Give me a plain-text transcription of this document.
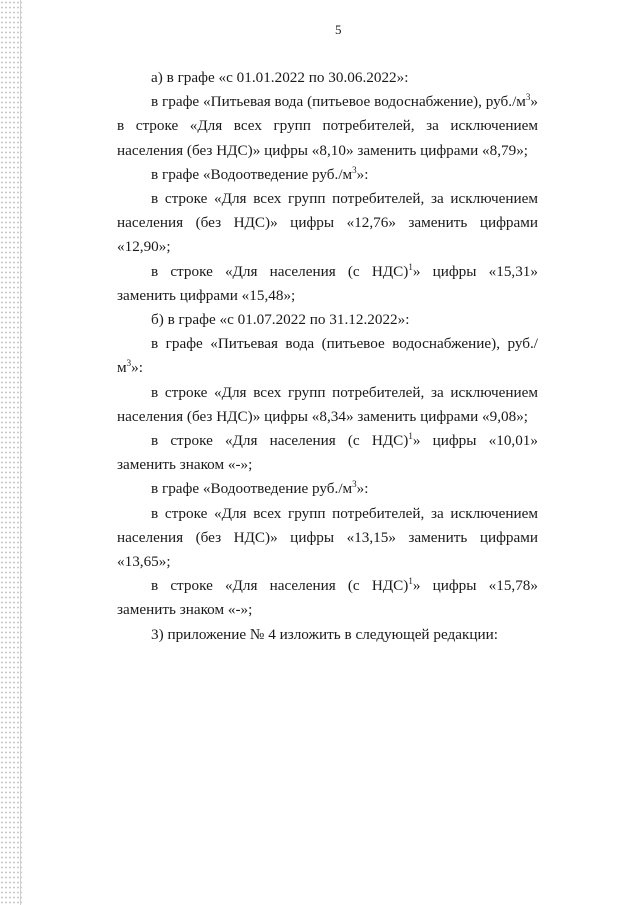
5

а) в графе «с 01.01.2022 по 30.06.2022»:

в графе «Питьевая вода (питьевое водоснабжение), $руб./м^3$» в строке «Для всех групп потребителей, за исключением населения (без НДС)» цифры «8,10» заменить цифрами «8,79»;

в графе «Водоотведение $руб./м^3$»:

в строке «Для всех групп потребителей, за исключением населения (без НДС)» цифры «12,76» заменить цифрами «12,90»;

в строке «Для населения (с НДС)$^1$» цифры «15,31» заменить цифрами «15,48»;

б) в графе «с 01.07.2022 по 31.12.2022»:

в графе «Питьевая вода (питьевое водоснабжение), $руб./м^3$»:

в строке «Для всех групп потребителей, за исключением населения (без НДС)» цифры «8,34» заменить цифрами «9,08»;

в строке «Для населения (с НДС)$^1$» цифры «10,01» заменить знаком «-»;

в графе «Водоотведение $руб./м^3$»:

в строке «Для всех групп потребителей, за исключением населения (без НДС)» цифры «13,15» заменить цифрами «13,65»;

в строке «Для населения (с НДС)$^1$» цифры «15,78» заменить знаком «-»;

3) приложение № 4 изложить в следующей редакции:
